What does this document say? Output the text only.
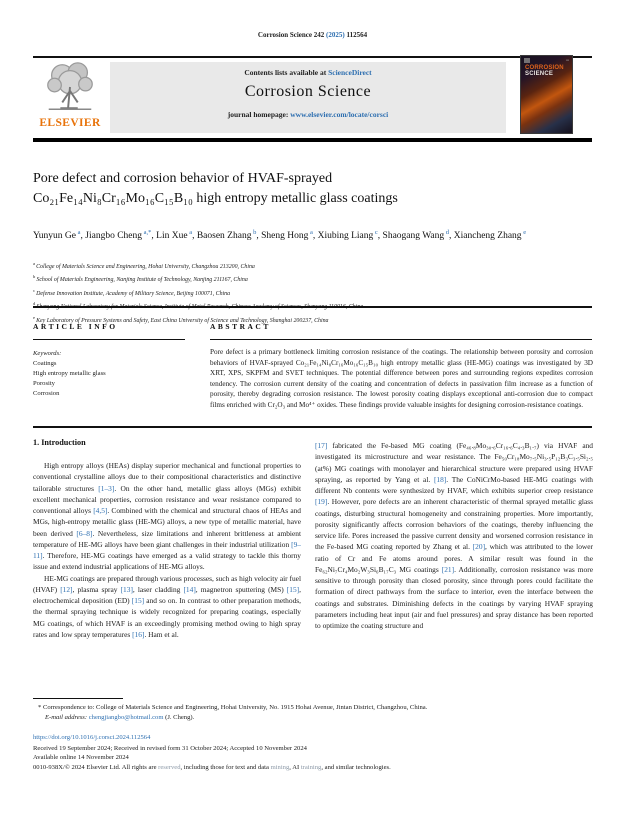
Corrosion Science 242 (2025) 112564
ELSEVIER
Contents lists available at ScienceDirect
Corrosion Science
journal homepage: www.elsevier.com/locate/corsci
▪▪▪
CORROSION
SCIENCE
Pore defect and corrosion behavior of HVAF-sprayed
Co₂₁Fe₁₄Ni₈Cr₁₆Mo₁₆C₁₅B₁₀ high entropy metallic glass coatings
Yunyun Ge $^a$, Jiangbo Cheng $^{a,*}$, Lin Xue $^a$, Baosen Zhang $^b$, Sheng Hong $^a$, Xiubing Liang $^c$, Shaogang Wang $^d$, Xiancheng Zhang $^e$
$^a$ College of Materials Science and Engineering, Hohai University, Changzhou 213200, China
$^b$ School of Materials Engineering, Nanjing Institute of Technology, Nanjing 211167, China
$^c$ Defense Innovation Institute, Academy of Military Science, Beijing 100071, China
$^d$
$^e$ Key Laboratory of Pressure Systems and Safety, East China University of Science and Technology, Shanghai 200237, China
ARTICLE INFO	ABSTRACT
Keywords:
Coatings
High entropy metallic glass
Porosity
Corrosion
Pore defect is a primary bottleneck limiting corrosion resistance of the coatings. The relationship between porosity and corrosion behaviors of HVAF-sprayed Co₂₁Fe₁₄Ni₈Cr₁₆Mo₁₆C₁₅B₁₀ high entropy metallic glass (HE-MG) coatings was investigated by 3D XRT, XPS, SKPFM and SVET techniques. The potential difference between pores and surrounding regions expedites corrosion tendency. The corrosion current density of the coating and concentration of defects in passivation film increase as a function of porosity, thereby degrading corrosion resistance. The lowest porosity coating displays exceptional anti-corrosion due to compact films enriched with Cr₂O₃ and Mo⁴⁺ oxides. These findings provide valuable insights for designing corrosion-resistance coatings.
1. Introduction
High entropy alloys (HEAs) display superior mechanical and functional properties to conventional crystalline alloys due to their compositional characteristics and distinctive tailorable structures [1–3]. On the other hand, metallic glass alloys (MGs) exhibit excellent mechanical properties, corrosion resistance and wear resistance compared to conventional alloys [4,5]. Combined with the chemical and structural chaos of HEAs and MGs, high-entropy metallic glass (HE-MG) alloys, a new type of metallic material, have been derived [6–8]. Nevertheless, size limitations and inherent brittleness at ambient temperature of HE-MG alloys have been giant challenges in their industrial utilization [9–11]. Therefore, HE-MG coatings have emerged as a valid strategy to tackle this thorny issue and extend industrial applications of HE-MG alloys.
HE-MG coatings are prepared through various processes, such as high velocity air fuel (HVAF) [12], plasma spray [13], laser cladding [14], magnetron sputtering (MS) [15], electrochemical deposition (ED) [15] and so on. In contrast to other preparation methods, the thermal spraying technique is widely recognized for preparing coatings, especially MG coatings, of which HVAF is an exceedingly promising method owing to high spray rates and low spray temperatures [16]. Ham et al.
[17] fabricated the Fe-based MG coating (Fe₄₆.₈Mo₃₀.₆Cr₁₆.₆C₄.₃B₁.₇) via HVAF and investigated its microstructure and wear resistance. The Fe₅₀Cr₁₈Mo₇.₅Ni₃.₅P₁₂B₃C₃.₅Si₂.₅ (at%) MG coatings with monolayer and hierarchical structure were prepared using HVAF spraying, as reported by Yang et al. [18]. The CoNiCrMo-based HE-MG coatings with different Nb contents were synthesized by HVAF, which exhibits superior creep resistance [19]. However, pore defects are an inherent characteristic of thermal sprayed metallic glass coatings, disturbing structural homogeneity and constraining properties. More importantly, porosity significantly affects corrosion behaviors of the coatings, thereby influencing the service life. Pores increased the passive current density and worsened corrosion resistance in the Fe-based MG coating reported by Zhang et al. [20], which was attributed to the lower ratio of Cr and Fe atoms around pores. A similar result was found in the Fe₆₂Ni₇Cr₄Mo₂W₃Si₆B₁₇C₃ MG coatings [21]. Additionally, corrosion resistance was more sensitive to through porosity than closed porosity, since through pores could facilitate the formation of direct pathways from the surface to interior, even the interface between the coatings and substrates. Diminishing defects in the coatings by varying HVAF spraying parameters including heat input (air and fuel pressures) and spray distance has been reported to optimize the coating structure and
* Correspondence to: College of Materials Science and Engineering, Hohai University, No. 1915 Hohai Avenue, Jintan District, Changzhou, China.
E-mail address: chengjiangbo@hotmail.com (J. Cheng).
https://doi.org/10.1016/j.corsci.2024.112564
Received 19 September 2024; Received in revised form 31 October 2024; Accepted 10 November 2024
Available online 14 November 2024
0010-938X/© 2024 Elsevier Ltd. All rights are reserved, including those for text and data mining, AI training, and similar technologies.
